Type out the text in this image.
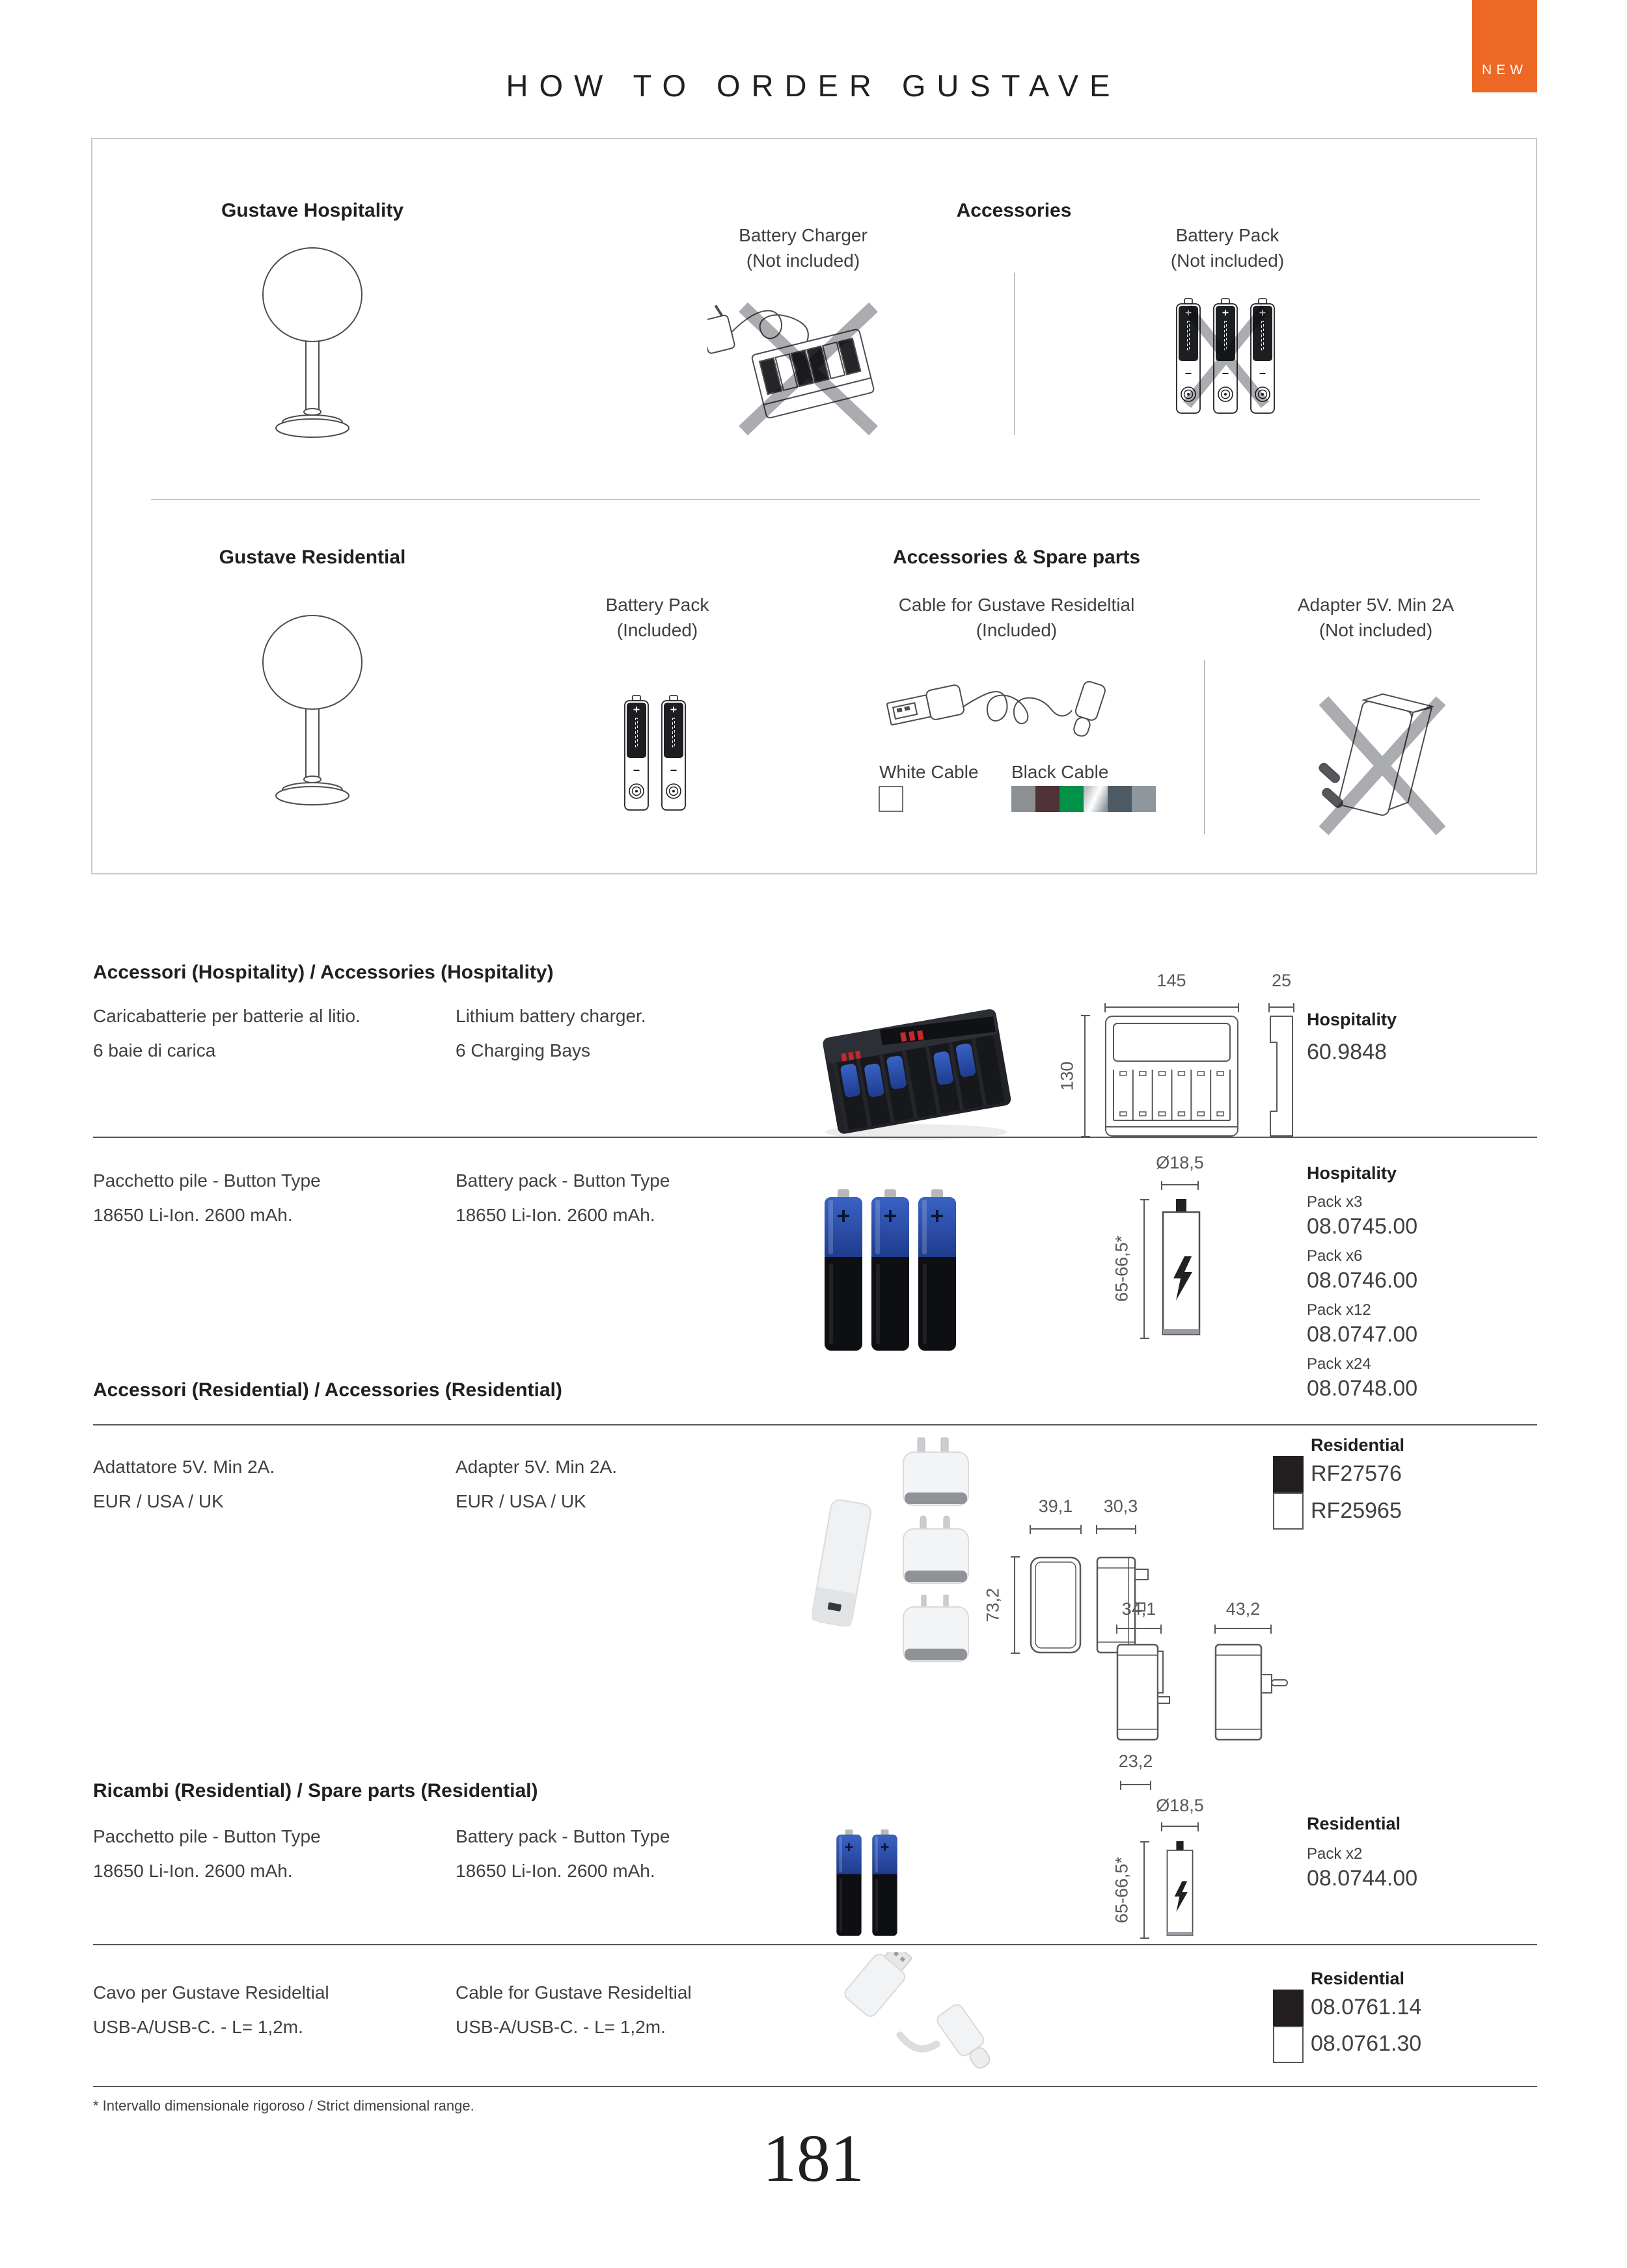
HOW TO ORDER GUSTAVE	NEW
Gustave Hospitality	Accessories
Battery Charger
(Not included)
Battery Pack
(Not included)
Gustave Residential	Accessories & Spare parts
Battery Pack
(Included)
Cable for Gustave Resideltial
(Included)
Adapter 5V. Min 2A
(Not included)
White Cable Black Cable
Accessori (Hospitality) / Accessories (Hospitality)
Caricabatterie per batterie al litio.
6 baie di carica
Lithium battery charger.
6 Charging Bays
145
130
25
Hospitality
60.9848
Pacchetto pile - Button Type
18650 Li-Ion. 2600 mAh.
Battery pack - Button Type
18650 Li-Ion. 2600 mAh.
Ø18,5
65-66,5*
Hospitality
Pack x3
08.0745.00
Pack x6
08.0746.00
Pack x12
08.0747.00
Pack x24
08.0748.00
Accessori (Residential) / Accessories (Residential)
Adattatore 5V. Min 2A.
EUR / USA / UK
Adapter 5V. Min 2A.
EUR / USA / UK	39,1 30,3
73,2	34,1
23,2
43,2
Residential
RF27576
RF25965
Ricambi (Residential) / Spare parts (Residential)
Pacchetto pile - Button Type
18650 Li-Ion. 2600 mAh.
Battery pack - Button Type
18650 Li-Ion. 2600 mAh.
Ø18,5
65-66,5*
Residential
Pack x2
08.0744.00
Cavo per Gustave Resideltial
USB-A/USB-C. - L= 1,2m.
Cable for Gustave Resideltial
USB-A/USB-C. - L= 1,2m.
Residential
08.0761.14
08.0761.30
* Intervallo dimensionale rigoroso / Strict dimensional range.
181
